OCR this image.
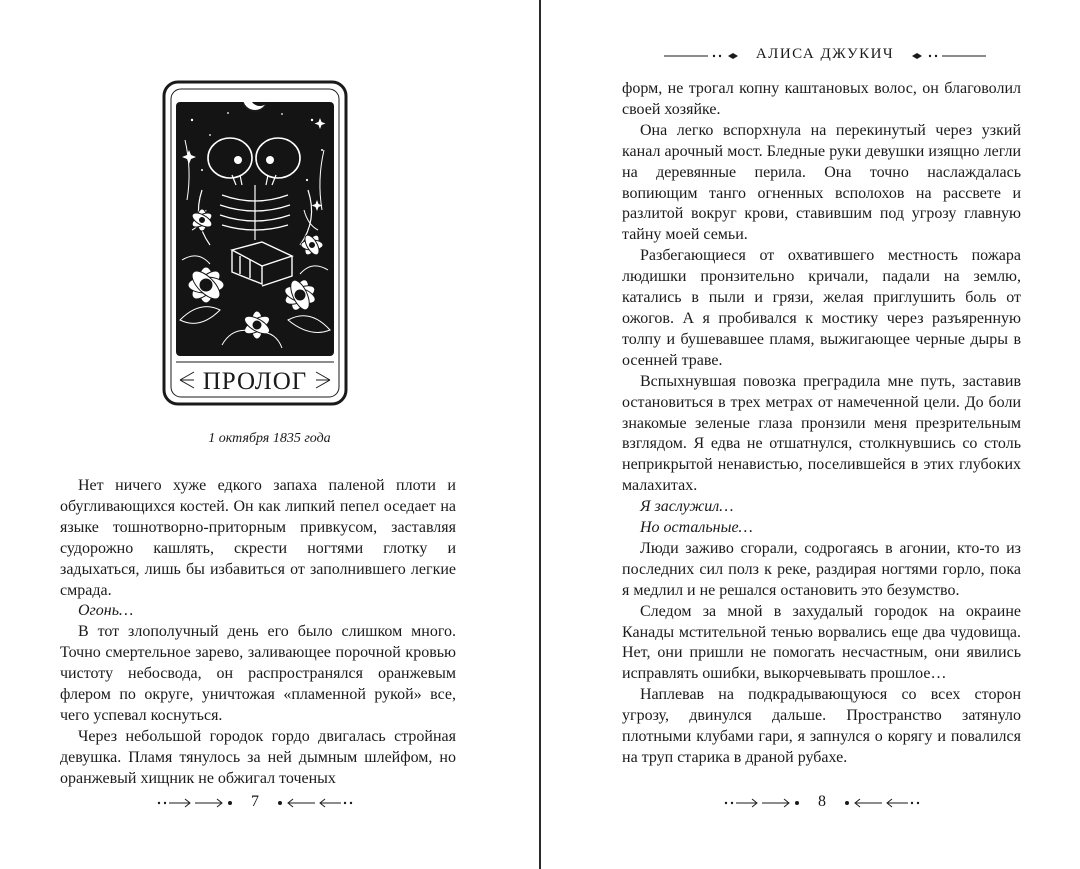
АЛИСА ДЖУКИЧ
ПРОЛОГ
1 октября 1835 года

Нет ничего хуже едкого запаха паленой плоти и обугливающихся костей. Он как липкий пепел оседает на языке тошнотворно-приторным привкусом, заставляя судорожно кашлять, скрести ногтями глотку и задыхаться, лишь бы избавиться от заполнившего легкие смрада.

Огонь…

В тот злополучный день его было слишком много. Точно смертельное зарево, заливающее порочной кровью чистоту небосвода, он распространялся оранжевым флером по округе, уничтожая «пламенной рукой» все, чего успевал коснуться.

Через небольшой городок гордо двигалась стройная девушка. Пламя тянулось за ней дымным шлейфом, но оранжевый хищник не обжигал точеных

форм, не трогал копну каштановых волос, он благоволил своей хозяйке.

Она легко вспорхнула на перекинутый через узкий канал арочный мост. Бледные руки девушки изящно легли на деревянные перила. Она точно наслаждалась вопиющим танго огненных всполохов на рассвете и разлитой вокруг крови, ставившим под угрозу главную тайну моей семьи.

Разбегающиеся от охватившего местность пожара людишки пронзительно кричали, падали на землю, катались в пыли и грязи, желая приглушить боль от ожогов. А я пробивался к мостику через разъяренную толпу и бушевавшее пламя, выжигающее черные дыры в осенней траве.

Вспыхнувшая повозка преградила мне путь, заставив остановиться в трех метрах от намеченной цели. До боли знакомые зеленые глаза пронзили меня презрительным взглядом. Я едва не отшатнулся, столкнувшись со столь неприкрытой ненавистью, поселившейся в этих глубоких малахитах.

Я заслужил…

Но остальные…

Люди заживо сгорали, содрогаясь в агонии, кто-то из последних сил полз к реке, раздирая ногтями горло, пока я медлил и не решался остановить это безумство.

Следом за мной в захудалый городок на окраине Канады мстительной тенью ворвались еще два чудовища. Нет, они пришли не помогать несчастным, они явились исправлять ошибки, выкорчевывать прошлое…

Наплевав на подкрадывающуюся со всех сторон угрозу, двинулся дальше. Пространство затянуло плотными клубами гари, я запнулся о корягу и повалился на труп старика в драной рубахе.

7	8
